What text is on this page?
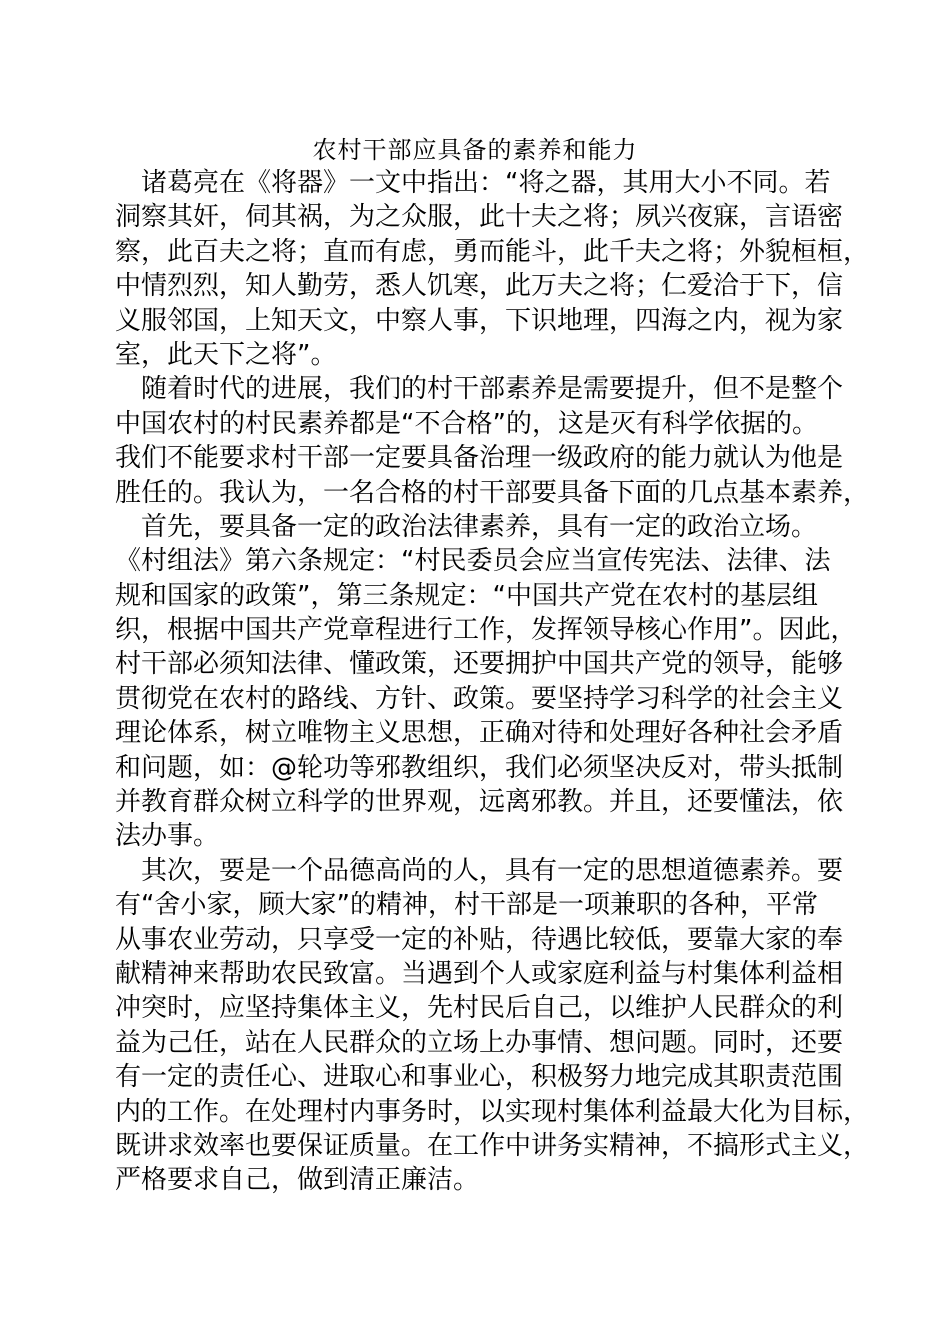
农村干部应具备的素养和能力
　诸葛亮在《将器》一文中指出：“将之器，其用大小不同。若
洞察其奸，伺其祸，为之众服，此十夫之将；夙兴夜寐，言语密
察，此百夫之将；直而有虑，勇而能斗，此千夫之将；外貌桓桓，
中情烈烈，知人勤劳，悉人饥寒，此万夫之将；仁爱洽于下，信
义服邻国，上知天文，中察人事，下识地理，四海之内，视为家
室，此天下之将”。
　随着时代的进展，我们的村干部素养是需要提升，但不是整个
中国农村的村民素养都是“不合格”的，这是灭有科学依据的。
我们不能要求村干部一定要具备治理一级政府的能力就认为他是
胜任的。我认为，一名合格的村干部要具备下面的几点基本素养，
　首先，要具备一定的政治法律素养，具有一定的政治立场。
《村组法》第六条规定：“村民委员会应当宣传宪法、法律、法
规和国家的政策”，第三条规定：“中国共产党在农村的基层组
织，根据中国共产党章程进行工作，发挥领导核心作用”。因此，
村干部必须知法律、懂政策，还要拥护中国共产党的领导，能够
贯彻党在农村的路线、方针、政策。要坚持学习科学的社会主义
理论体系，树立唯物主义思想，正确对待和处理好各种社会矛盾
和问题，如：@轮功等邪教组织，我们必须坚决反对，带头抵制
并教育群众树立科学的世界观，远离邪教。并且，还要懂法，依
法办事。
　其次，要是一个品德高尚的人，具有一定的思想道德素养。要
有“舍小家，顾大家”的精神，村干部是一项兼职的各种，平常
从事农业劳动，只享受一定的补贴，待遇比较低，要靠大家的奉
献精神来帮助农民致富。当遇到个人或家庭利益与村集体利益相
冲突时，应坚持集体主义，先村民后自己，以维护人民群众的利
益为己任，站在人民群众的立场上办事情、想问题。同时，还要
有一定的责任心、进取心和事业心，积极努力地完成其职责范围
内的工作。在处理村内事务时，以实现村集体利益最大化为目标，
既讲求效率也要保证质量。在工作中讲务实精神，不搞形式主义，
严格要求自己，做到清正廉洁。
